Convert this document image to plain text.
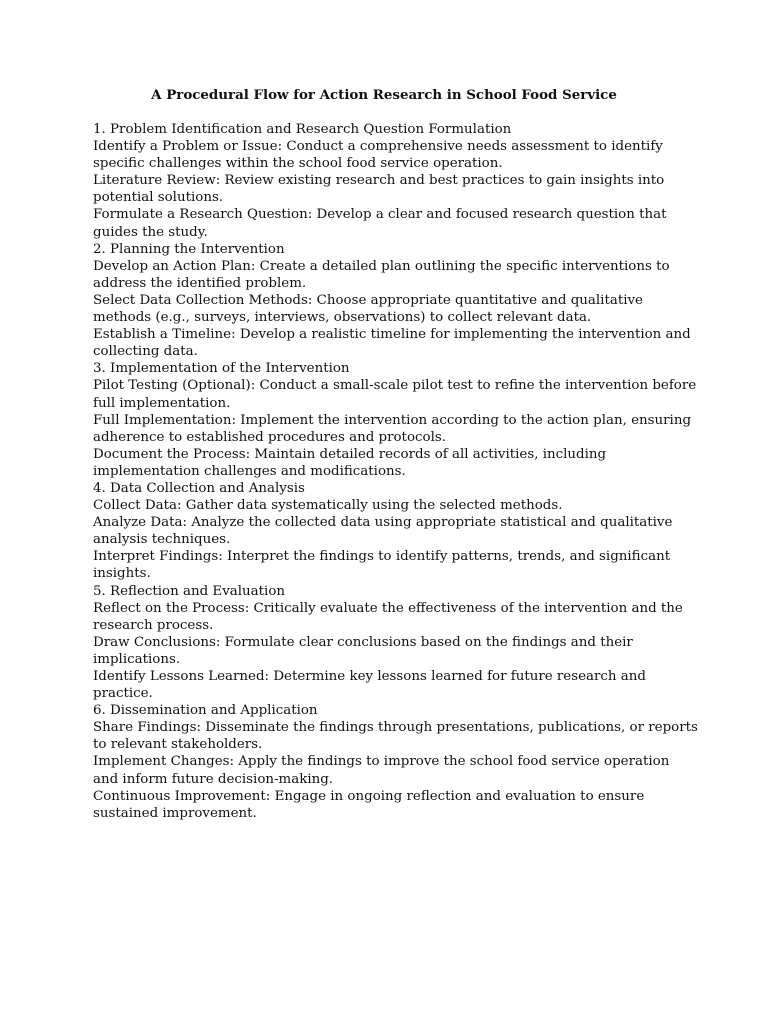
A Procedural Flow for Action Research in School Food Service
1. Problem Identification and Research Question Formulation
Identify a Problem or Issue: Conduct a comprehensive needs assessment to identify
specific challenges within the school food service operation.
Literature Review: Review existing research and best practices to gain insights into
potential solutions.
Formulate a Research Question: Develop a clear and focused research question that
guides the study.
2. Planning the Intervention
Develop an Action Plan: Create a detailed plan outlining the specific interventions to
address the identified problem.
Select Data Collection Methods: Choose appropriate quantitative and qualitative
methods (e.g., surveys, interviews, observations) to collect relevant data.
Establish a Timeline: Develop a realistic timeline for implementing the intervention and
collecting data.
3. Implementation of the Intervention
Pilot Testing (Optional): Conduct a small-scale pilot test to refine the intervention before
full implementation.
Full Implementation: Implement the intervention according to the action plan, ensuring
adherence to established procedures and protocols.
Document the Process: Maintain detailed records of all activities, including
implementation challenges and modifications.
4. Data Collection and Analysis
Collect Data: Gather data systematically using the selected methods.
Analyze Data: Analyze the collected data using appropriate statistical and qualitative
analysis techniques.
Interpret Findings: Interpret the findings to identify patterns, trends, and significant
insights.
5. Reflection and Evaluation
Reflect on the Process: Critically evaluate the effectiveness of the intervention and the
research process.
Draw Conclusions: Formulate clear conclusions based on the findings and their
implications.
Identify Lessons Learned: Determine key lessons learned for future research and
practice.
6. Dissemination and Application
Share Findings: Disseminate the findings through presentations, publications, or reports
to relevant stakeholders.
Implement Changes: Apply the findings to improve the school food service operation
and inform future decision-making.
Continuous Improvement: Engage in ongoing reflection and evaluation to ensure
sustained improvement.
